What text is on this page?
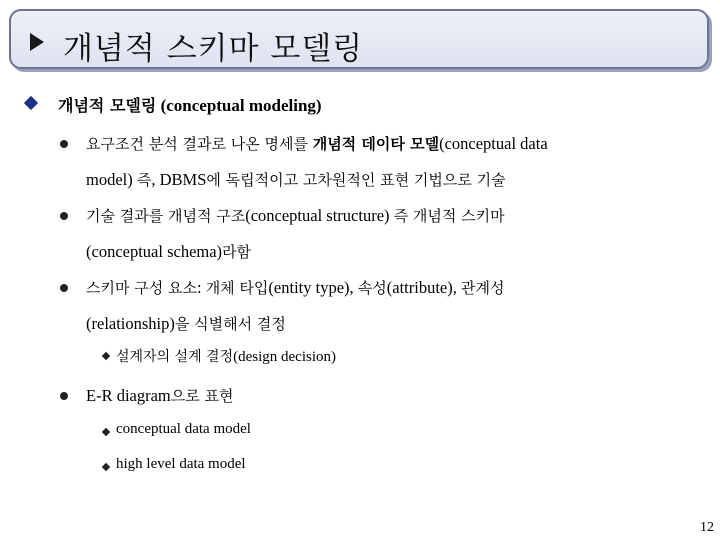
개념적 스키마 모델링
개념적 모델링 (conceptual modeling)
요구조건 분석 결과로 나온 명세를 개념적 데이타 모델(conceptual data
model) 즉, DBMS에 독립적이고 고차원적인 표현 기법으로 기술
기술 결과를 개념적 구조(conceptual structure) 즉 개념적 스키마
(conceptual schema)라함
스키마 구성 요소: 개체 타입(entity type), 속성(attribute), 관계성
(relationship)을 식별해서 결정
설계자의 설계 결정(design decision)
E-R diagram으로 표현
conceptual data model
high level data model
12
